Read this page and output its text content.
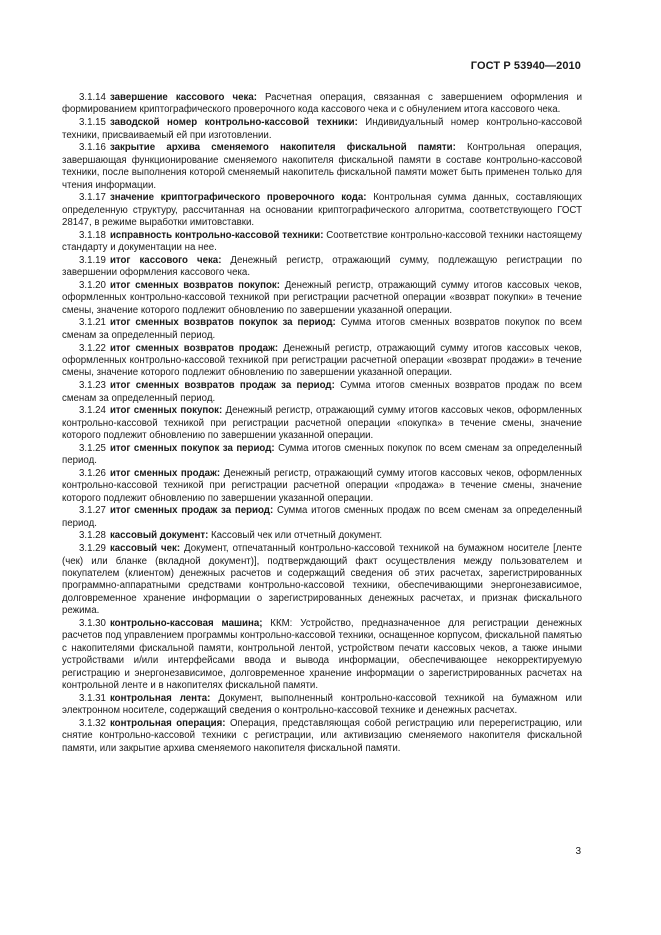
ГОСТ Р 53940—2010

3.1.14 завершение кассового чека: Расчетная операция, связанная с завершением оформления и формированием криптографического проверочного кода кассового чека и с обнулением итога кассового чека.

3.1.15 заводской номер контрольно-кассовой техники: Индивидуальный номер контрольно-кассовой техники, присваиваемый ей при изготовлении.

3.1.16 закрытие архива сменяемого накопителя фискальной памяти: Контрольная операция, завершающая функционирование сменяемого накопителя фискальной памяти в составе контрольно-кассовой техники, после выполнения которой сменяемый накопитель фискальной памяти может быть применен только для чтения информации.

3.1.17 значение криптографического проверочного кода: Контрольная сумма данных, составляющих определенную структуру, рассчитанная на основании криптографического алгоритма, соответствующего ГОСТ 28147, в режиме выработки имитовставки.

3.1.18 исправность контрольно-кассовой техники: Соответствие контрольно-кассовой техники настоящему стандарту и документации на нее.

3.1.19 итог кассового чека: Денежный регистр, отражающий сумму, подлежащую регистрации по завершении оформления кассового чека.

3.1.20 итог сменных возвратов покупок: Денежный регистр, отражающий сумму итогов кассовых чеков, оформленных контрольно-кассовой техникой при регистрации расчетной операции «возврат покупки» в течение смены, значение которого подлежит обновлению по завершении указанной операции.

3.1.21 итог сменных возвратов покупок за период: Сумма итогов сменных возвратов покупок по всем сменам за определенный период.

3.1.22 итог сменных возвратов продаж: Денежный регистр, отражающий сумму итогов кассовых чеков, оформленных контрольно-кассовой техникой при регистрации расчетной операции «возврат продажи» в течение смены, значение которого подлежит обновлению по завершении указанной операции.

3.1.23 итог сменных возвратов продаж за период: Сумма итогов сменных возвратов продаж по всем сменам за определенный период.

3.1.24 итог сменных покупок: Денежный регистр, отражающий сумму итогов кассовых чеков, оформленных контрольно-кассовой техникой при регистрации расчетной операции «покупка» в течение смены, значение которого подлежит обновлению по завершении указанной операции.

3.1.25 итог сменных покупок за период: Сумма итогов сменных покупок по всем сменам за определенный период.

3.1.26 итог сменных продаж: Денежный регистр, отражающий сумму итогов кассовых чеков, оформленных контрольно-кассовой техникой при регистрации расчетной операции «продажа» в течение смены, значение которого подлежит обновлению по завершении указанной операции.

3.1.27 итог сменных продаж за период: Сумма итогов сменных продаж по всем сменам за определенный период.

3.1.28 кассовый документ: Кассовый чек или отчетный документ.

3.1.29 кассовый чек: Документ, отпечатанный контрольно-кассовой техникой на бумажном носителе [ленте (чек) или бланке (вкладной документ)], подтверждающий факт осуществления между пользователем и покупателем (клиентом) денежных расчетов и содержащий сведения об этих расчетах, зарегистрированных программно-аппаратными средствами контрольно-кассовой техники, обеспечивающими энергонезависимое, долговременное хранение информации о зарегистрированных денежных расчетах, и признак фискального режима.

3.1.30 контрольно-кассовая машина; ККМ: Устройство, предназначенное для регистрации денежных расчетов под управлением программы контрольно-кассовой техники, оснащенное корпусом, фискальной памятью с накопителями фискальной памяти, контрольной лентой, устройством печати кассовых чеков, а также иными устройствами и/или интерфейсами ввода и вывода информации, обеспечивающее некорректируемую регистрацию и энергонезависимое, долговременное хранение информации о зарегистрированных расчетах на контрольной ленте и в накопителях фискальной памяти.

3.1.31 контрольная лента: Документ, выполненный контрольно-кассовой техникой на бумажном или электронном носителе, содержащий сведения о контрольно-кассовой технике и денежных расчетах.

3.1.32 контрольная операция: Операция, представляющая собой регистрацию или перерегистрацию, или снятие контрольно-кассовой техники с регистрации, или активизацию сменяемого накопителя фискальной памяти, или закрытие архива сменяемого накопителя фискальной памяти.

3
